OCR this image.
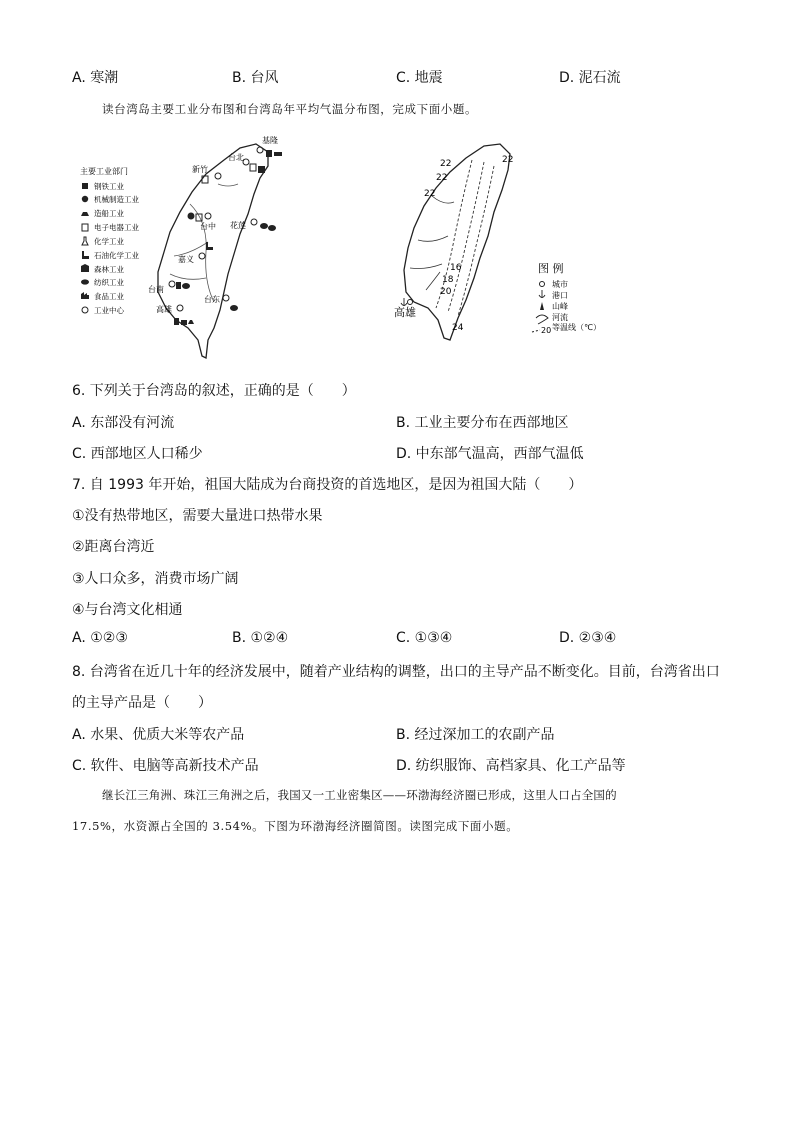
A. 寒潮	B. 台风	C. 地震	D. 泥石流
读台湾岛主要工业分布图和台湾岛年平均气温分布图，完成下面小题。
主要工业部门
钢铁工业
机械制造工业
造船工业
电子电器工业
化学工业
石油化学工业
森林工业
纺织工业
食品工业
工业中心
基隆
台北
新竹
台中 花莲
嘉义
台南
台东
高雄
22
22
22
22
16
18
20
24
高雄
图 例
城市
港口
山峰
河流
20 等温线（℃）
6. 下列关于台湾岛的叙述，正确的是（　　）
A. 东部没有河流	B. 工业主要分布在西部地区
C. 西部地区人口稀少	D. 中东部气温高，西部气温低
7. 自 1993 年开始，祖国大陆成为台商投资的首选地区，是因为祖国大陆（　　）
①没有热带地区，需要大量进口热带水果
②距离台湾近
③人口众多，消费市场广阔
④与台湾文化相通
A. ①②③	B. ①②④	C. ①③④	D. ②③④
8. 台湾省在近几十年的经济发展中，随着产业结构的调整，出口的主导产品不断变化。目前，台湾省出口
的主导产品是（　　）
A. 水果、优质大米等农产品	B. 经过深加工的农副产品
C. 软件、电脑等高新技术产品	D. 纺织服饰、高档家具、化工产品等
继长江三角洲、珠江三角洲之后，我国又一工业密集区——环渤海经济圈已形成，这里人口占全国的
17.5%，水资源占全国的 3.54%。下图为环渤海经济圈简图。读图完成下面小题。
